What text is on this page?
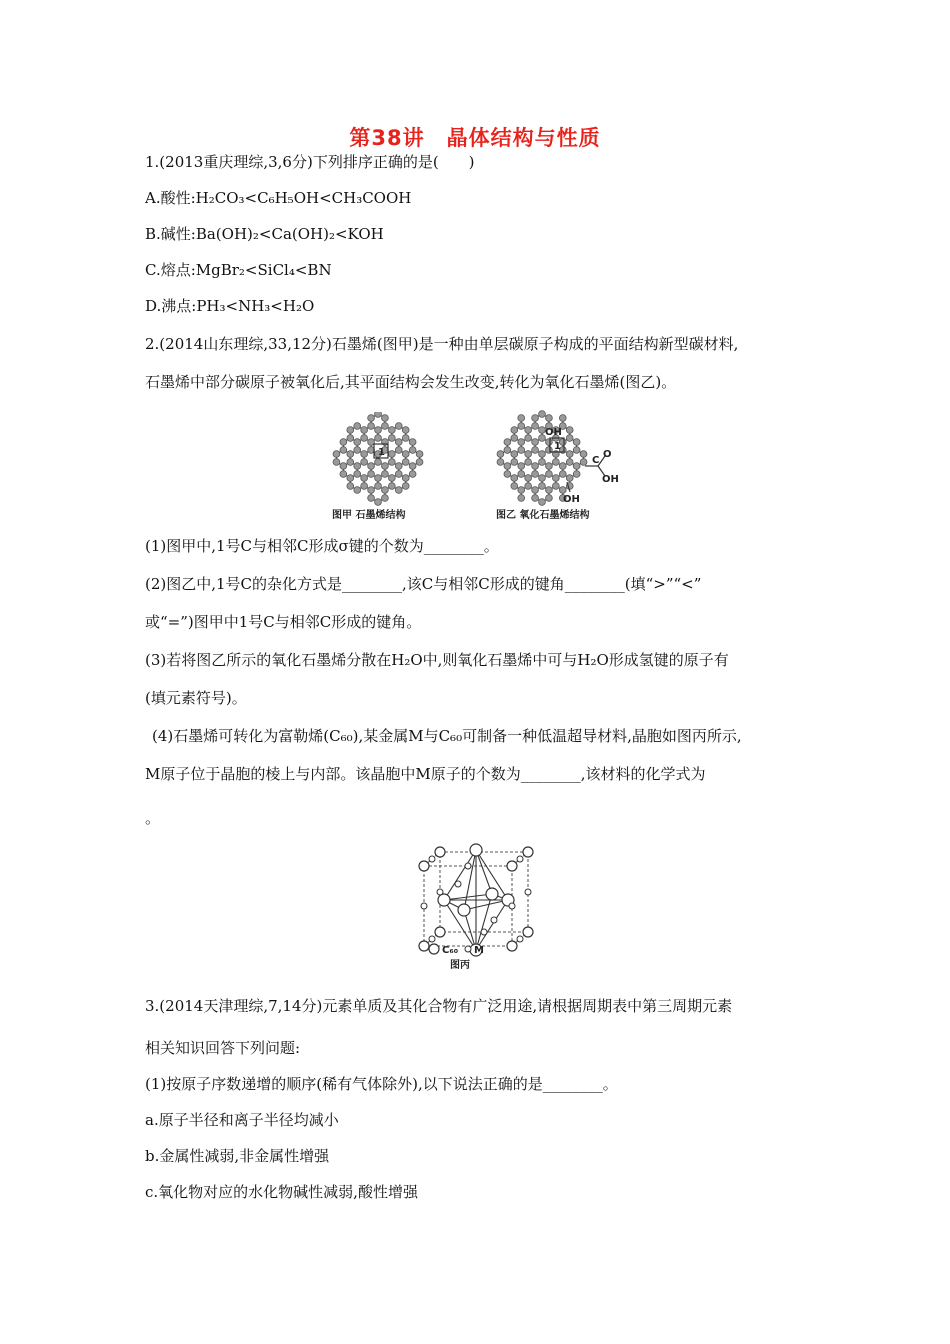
第38讲　晶体结构与性质
1.(2013重庆理综,3,6分)下列排序正确的是(　　)
A.酸性:H₂CO₃<C₆H₅OH<CH₃COOH
B.碱性:Ba(OH)₂<Ca(OH)₂<KOH
C.熔点:MgBr₂<SiCl₄<BN
D.沸点:PH₃<NH₃<H₂O
2.(2014山东理综,33,12分)石墨烯(图甲)是一种由单层碳原子构成的平面结构新型碳材料,
石墨烯中部分碳原子被氧化后,其平面结构会发生改变,转化为氧化石墨烯(图乙)。
1
图甲 石墨烯结构
OH
1
C
O
OH
OH
图乙 氧化石墨烯结构
(1)图甲中,1号C与相邻C形成σ键的个数为________。
(2)图乙中,1号C的杂化方式是________,该C与相邻C形成的键角________(填“>”“<”
或“=”)图甲中1号C与相邻C形成的键角。
(3)若将图乙所示的氧化石墨烯分散在H₂O中,则氧化石墨烯中可与H₂O形成氢键的原子有
(填元素符号)。
(4)石墨烯可转化为富勒烯(C₆₀),某金属M与C₆₀可制备一种低温超导材料,晶胞如图丙所示,
M原子位于晶胞的棱上与内部。该晶胞中M原子的个数为________,该材料的化学式为
。
C₆₀ M
图丙
3.(2014天津理综,7,14分)元素单质及其化合物有广泛用途,请根据周期表中第三周期元素
相关知识回答下列问题:
(1)按原子序数递增的顺序(稀有气体除外),以下说法正确的是________。
a.原子半径和离子半径均减小
b.金属性减弱,非金属性增强
c.氧化物对应的水化物碱性减弱,酸性增强
